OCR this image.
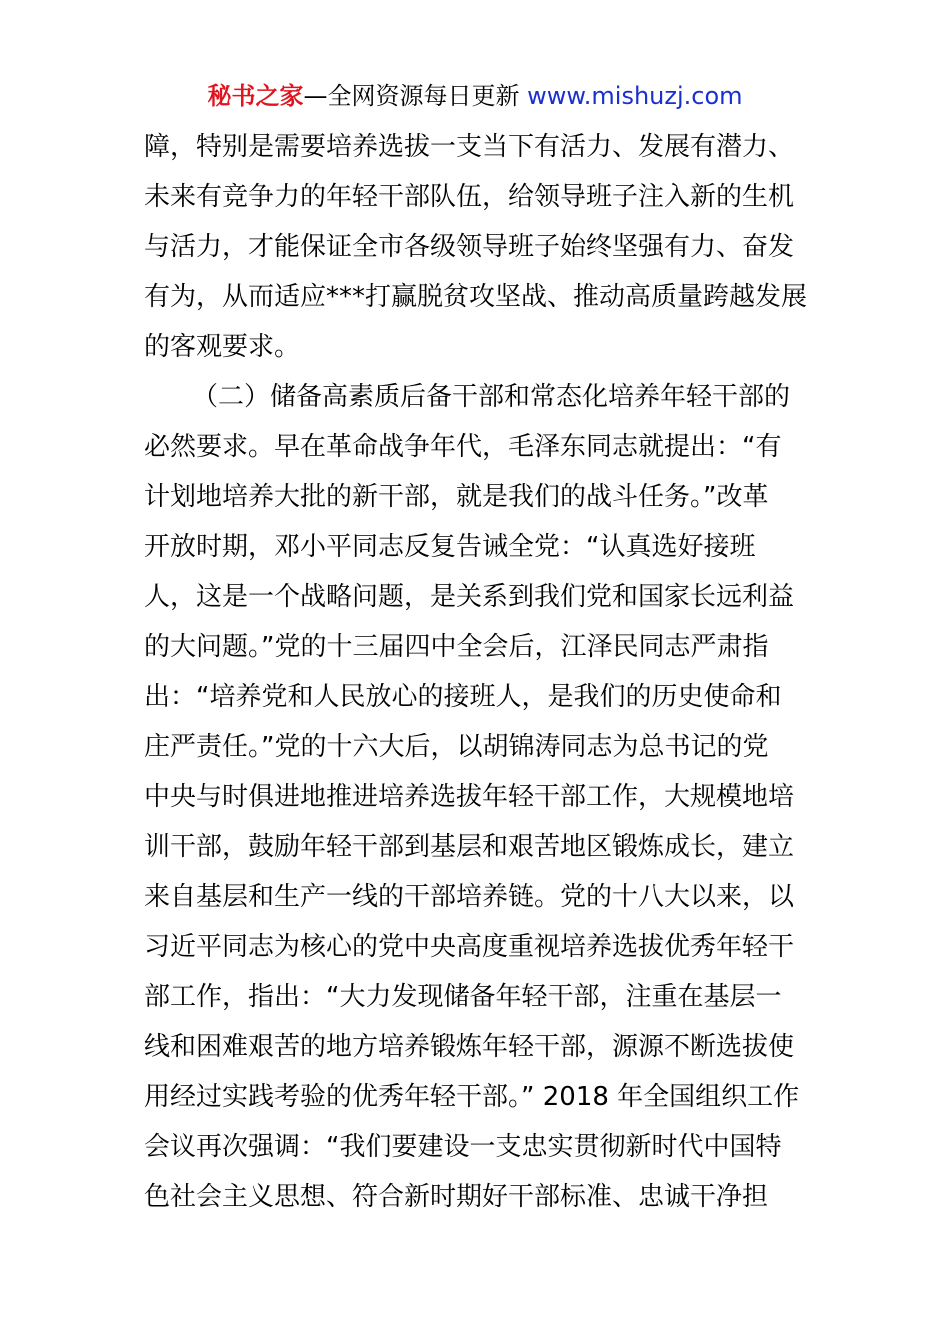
秘书之家—全网资源每日更新 www.mishuzj.com
障，特别是需要培养选拔一支当下有活力、发展有潜力、
未来有竞争力的年轻干部队伍，给领导班子注入新的生机
与活力，才能保证全市各级领导班子始终坚强有力、奋发
有为，从而适应***打赢脱贫攻坚战、推动高质量跨越发展
的客观要求。
（二）储备高素质后备干部和常态化培养年轻干部的
必然要求。早在革命战争年代，毛泽东同志就提出：“有
计划地培养大批的新干部，就是我们的战斗任务。”改革
开放时期，邓小平同志反复告诫全党：“认真选好接班
人，这是一个战略问题，是关系到我们党和国家长远利益
的大问题。”党的十三届四中全会后，江泽民同志严肃指
出：“培养党和人民放心的接班人，是我们的历史使命和
庄严责任。”党的十六大后，以胡锦涛同志为总书记的党
中央与时俱进地推进培养选拔年轻干部工作，大规模地培
训干部，鼓励年轻干部到基层和艰苦地区锻炼成长，建立
来自基层和生产一线的干部培养链。党的十八大以来，以
习近平同志为核心的党中央高度重视培养选拔优秀年轻干
部工作，指出：“大力发现储备年轻干部，注重在基层一
线和困难艰苦的地方培养锻炼年轻干部，源源不断选拔使
用经过实践考验的优秀年轻干部。” 2018 年全国组织工作
会议再次强调：“我们要建设一支忠实贯彻新时代中国特
色社会主义思想、符合新时期好干部标准、忠诚干净担
